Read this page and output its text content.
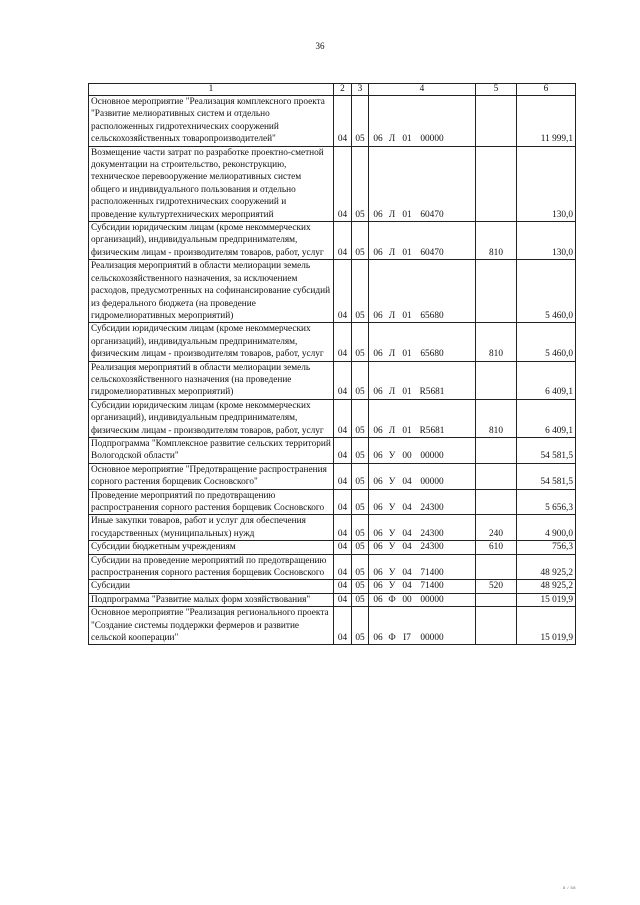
36
1	2	3	4	5	6
Основное мероприятие "Реализация комплексного проекта "Развитие мелиоративных систем и отдельно расположенных гидротехнических сооружений сельскохозяйственных товаропроизводителей"	04	05	06 Л 01 00000		11 999,1
Возмещение части затрат по разработке проектно-сметной документации на строительство, реконструкцию, техническое перевооружение мелиоративных систем общего и индивидуального пользования и отдельно расположенных гидротехнических сооружений и проведение культуртехнических мероприятий	04	05	06 Л 01 60470		130,0
Субсидии юридическим лицам (кроме некоммерческих организаций), индивидуальным предпринимателям, физическим лицам - производителям товаров, работ, услуг	04	05	06 Л 01 60470	810	130,0
Реализация мероприятий в области мелиорации земель сельскохозяйственного назначения, за исключением расходов, предусмотренных на софинансирование субсидий из федерального бюджета (на проведение гидромелиоративных мероприятий)	04	05	06 Л 01 65680		5 460,0
Субсидии юридическим лицам (кроме некоммерческих организаций), индивидуальным предпринимателям, физическим лицам - производителям товаров, работ, услуг	04	05	06 Л 01 65680	810	5 460,0
Реализация мероприятий в области мелиорации земель сельскохозяйственного назначения (на проведение гидромелиоративных мероприятий)	04	05	06 Л 01 R5681		6 409,1
Субсидии юридическим лицам (кроме некоммерческих организаций), индивидуальным предпринимателям, физическим лицам - производителям товаров, работ, услуг	04	05	06 Л 01 R5681	810	6 409,1
Подпрограмма "Комплексное развитие сельских территорий Вологодской области"	04	05	06 У 00 00000		54 581,5
Основное мероприятие "Предотвращение распространения сорного растения борщевик Сосновского"	04	05	06 У 04 00000		54 581,5
Проведение мероприятий по предотвращению распространения сорного растения борщевик Сосновского	04	05	06 У 04 24300		5 656,3
Иные закупки товаров, работ и услуг для обеспечения государственных (муниципальных) нужд	04	05	06 У 04 24300	240	4 900,0
Субсидии бюджетным учреждениям	04	05	06 У 04 24300	610	756,3
Субсидии на проведение мероприятий по предотвращению распространения сорного растения борщевик Сосновского	04	05	06 У 04 71400		48 925,2
Субсидии	04	05	06 У 04 71400	520	48 925,2
Подпрограмма "Развитие малых форм хозяйствования"	04	05	06 Ф 00 00000		15 019,9
Основное мероприятие "Реализация регионального проекта "Создание системы поддержки фермеров и развитие сельской кооперации"	04	05	06 Ф I7 00000		15 019,9
8 / 58
